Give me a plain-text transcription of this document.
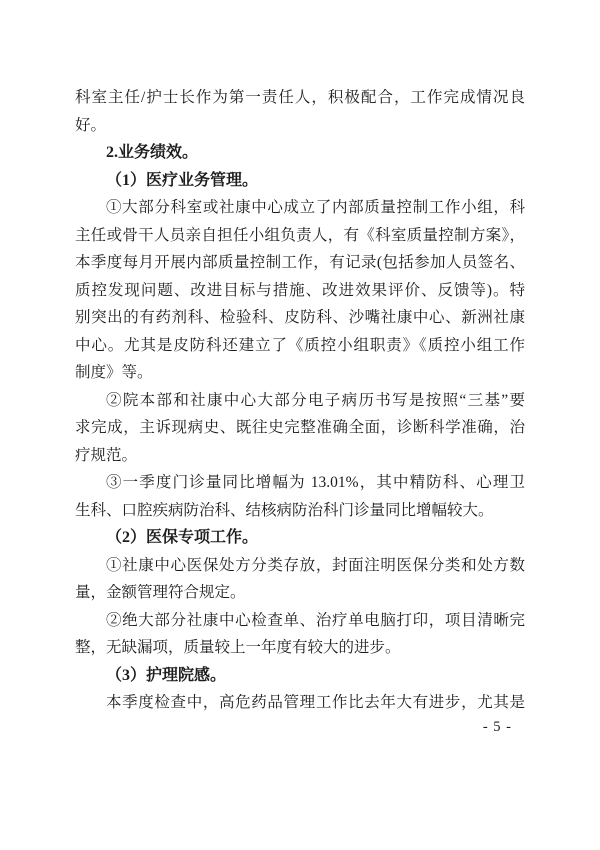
科室主任/护士长作为第一责任人，积极配合，工作完成情况良
好。
2.业务绩效。
（1）医疗业务管理。
①大部分科室或社康中心成立了内部质量控制工作小组，科
主任或骨干人员亲自担任小组负责人，有《科室质量控制方案》，
本季度每月开展内部质量控制工作，有记录(包括参加人员签名、
质控发现问题、改进目标与措施、改进效果评价、反馈等)。特
别突出的有药剂科、检验科、皮防科、沙嘴社康中心、新洲社康
中心。尤其是皮防科还建立了《质控小组职责》《质控小组工作
制度》等。
②院本部和社康中心大部分电子病历书写是按照“三基”要
求完成，主诉现病史、既往史完整准确全面，诊断科学准确，治
疗规范。
③一季度门诊量同比增幅为 13.01%，其中精防科、心理卫
生科、口腔疾病防治科、结核病防治科门诊量同比增幅较大。
（2）医保专项工作。
①社康中心医保处方分类存放，封面注明医保分类和处方数
量，金额管理符合规定。
②绝大部分社康中心检查单、治疗单电脑打印，项目清晰完
整，无缺漏项，质量较上一年度有较大的进步。
（3）护理院感。
本季度检查中，高危药品管理工作比去年大有进步，尤其是
- 5 -
